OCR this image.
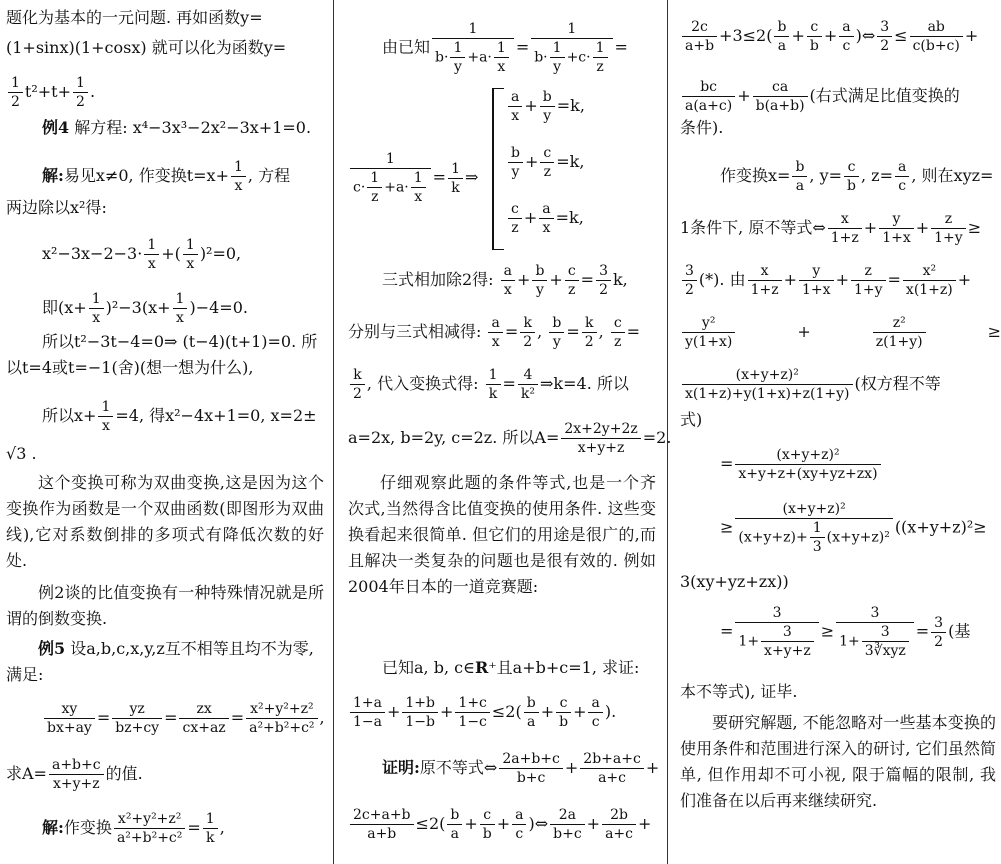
题化为基本的一元问题. 再如函数y=
(1+sinx)(1+cosx) 就可以化为函数y=
$\frac{1}{2} t^2+t+ \frac{1}{2}$ .
例4 解方程: x⁴−3x³−2x²−3x+1=0.
解:易见x≠0, 作变换$t=x+ \frac{1}{x}$ , 方程
两边除以x²得:
$x^2-3x-2-3\cdot \frac{1}{x}$ +( $\frac{1}{x} )^2=0$,
即$(x+ \frac{1}{x} )^2-3(x+ \frac{1}{x} )-4=0$.
所以t²−3t−4=0⇒ (t−4)(t+1)=0. 所
以t=4或t=−1(舍)(想一想为什么),
所以$x+ \frac{1}{x} =4$, 得x²−4x+1=0, x=2±
√3 .
这个变换可称为双曲变换,这是因为这个变换作为函数是一个双曲函数(即图形为双曲线),它对系数倒排的多项式有降低次数的好处.
例2谈的比值变换有一种特殊情况就是所谓的倒数变换.
例5 设a,b,c,x,y,z互不相等且均不为零,满足:
$\frac{xy}{bx+ay} = \frac{yz}{bz+cy} = \frac{zx}{cx+az} = \frac{\text{x²+y²+z²}}{\text{a²+b²+c²}}$ ,
求$A= \frac{a+b+c}{x+y+z}$ 的值.
解:作变换 $\frac{\text{x²+y²+z²}}{\text{a²+b²+c²}} = \frac{1}{k}$ ,
由已知 $\frac{1}{b\cdot \frac{1}{y} +a\cdot \frac{1}{x}} = \frac{1}{b\cdot \frac{1}{y} +c\cdot \frac{1}{z}}$ =
$\frac{1}{c\cdot \frac{1}{z} +a\cdot \frac{1}{x}} = \frac{1}{k}$ ⇒
$\frac{a}{x} + \frac{b}{y} =k$,
$\frac{b}{y} + \frac{c}{z} =k$,
$\frac{c}{z} + \frac{a}{x} =k$,
三式相加除2得: $\frac{a}{x} + \frac{b}{y} + \frac{c}{z} = \frac{3}{2} k$,
分别与三式相减得: $\frac{a}{x} = \frac{k}{2}$ , $\frac{b}{y} = \frac{k}{2}$ , $\frac{c}{z}$ =
$\frac{k}{2}$ , 代入变换式得: $\frac{1}{k} = \frac{4}{\text{k²}}$ ⇒k=4. 所以
a=2x, b=2y, c=2z. 所以$A= \frac{2x+2y+2z}{x+y+z} =2$.
仔细观察此题的条件等式,也是一个齐次式,当然得含比值变换的使用条件. 这些变换看起来很简单. 但它们的用途是很广的,而且解决一类复杂的问题也是很有效的. 例如2004年日本的一道竞赛题:
已知a, b, c∈R⁺且a+b+c=1, 求证:
$\frac{1+a}{1-a} + \frac{1+b}{1-b} + \frac{1+c}{1-c} \le 2( \frac{b}{a} + \frac{c}{b} + \frac{a}{c}$ ).
证明:原不等式⇔ $\frac{2a+b+c}{b+c} + \frac{2b+a+c}{a+c}$ +
$\frac{2c+a+b}{a+b} \le 2( \frac{b}{a} + \frac{c}{b} + \frac{a}{c}$ )⇔ $\frac{2a}{b+c} + \frac{2b}{a+c}$ +
$\frac{2c}{a+b} +3\le 2( \frac{b}{a} + \frac{c}{b} + \frac{a}{c}$ )⇔ $\frac{3}{2} \le \frac{ab}{c(b+c)}$ +
$\frac{bc}{a(a+c)} + \frac{ca}{b(a+b)}$ (右式满足比值变换的
条件).
作变换$x= \frac{b}{a}$ , $y= \frac{c}{b}$ , $z= \frac{a}{c}$ , 则在xyz=
1条件下, 原不等式⇔ $\frac{x}{1+z} + \frac{y}{1+x} + \frac{z}{1+y}$ ≥
$\frac{3}{2}$ (*). 由 $\frac{x}{1+z} + \frac{y}{1+x} + \frac{z}{1+y} = \frac{\text{x²}}{x(1+z)}$ +
$\frac{\text{y²}}{y(1+x)}$	+	$\frac{\text{z²}}{z(1+y)}$	≥
$\frac{\text{(x+y+z)²}}{x(1+z)+y(1+x)+z(1+y)}$ (权方程不等
式)
= $\frac{\text{(x+y+z)²}}{x+y+z+(xy+yz+zx)}$
≥ $\frac{\text{(x+y+z)²}}{(x+y+z)+ \frac{1}{3} (x+y+z)^2} ((x+y+z)^2\ge$
3(xy+yz+zx))
= $\frac{3}{1+ \frac{3}{x+y+z}} \ge \frac{3}{1+ \frac{3}{\text{3∛xyz}}} = \frac{3}{2}$ (基
本不等式), 证毕.
要研究解题, 不能忽略对一些基本变换的使用条件和范围进行深入的研讨, 它们虽然简单, 但作用却不可小视, 限于篇幅的限制, 我们准备在以后再来继续研究.
